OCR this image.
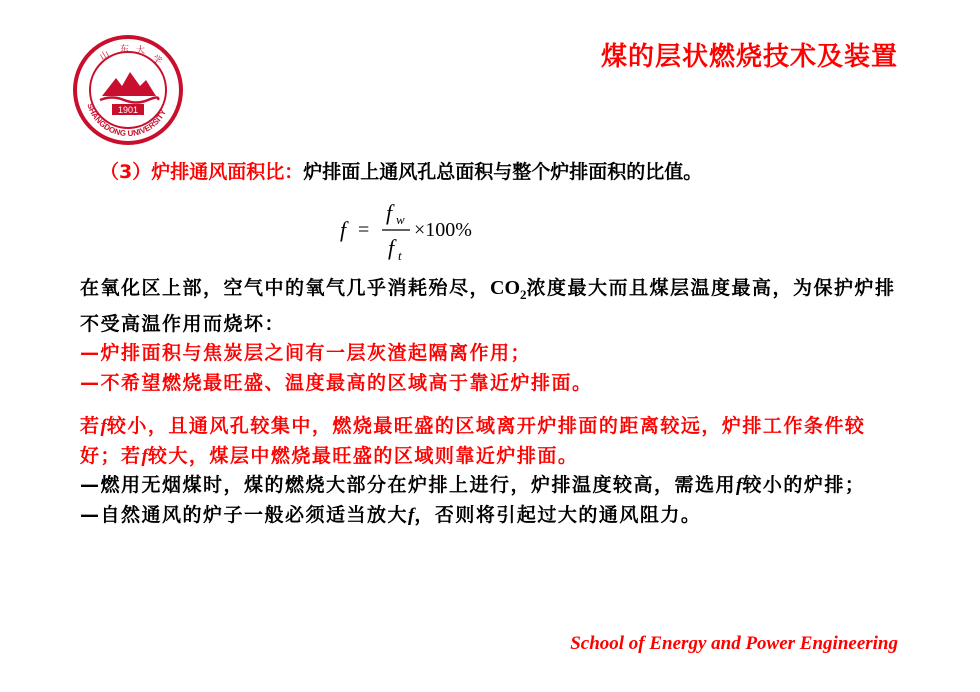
1901
SHANGDONG UNIVERSITY
山 东 大
学	煤的层状燃烧技术及装置
（3）炉排通风面积比：炉排面上通风孔总面积与整个炉排面积的比值。
f =
f w
f t
×100%

在氧化区上部，空气中的氧气几乎消耗殆尽，$CO_2$浓度最大而且煤层温度最高，为保护炉排不受高温作用而烧坏：

—炉排面积与焦炭层之间有一层灰渣起隔离作用；

—不希望燃烧最旺盛、温度最高的区域高于靠近炉排面。

若f较小，且通风孔较集中，燃烧最旺盛的区域离开炉排面的距离较远，炉排工作条件较好；若f较大，煤层中燃烧最旺盛的区域则靠近炉排面。

—燃用无烟煤时，煤的燃烧大部分在炉排上进行，炉排温度较高，需选用f较小的炉排；

—自然通风的炉子一般必须适当放大f，否则将引起过大的通风阻力。

School of Energy and Power Engineering
